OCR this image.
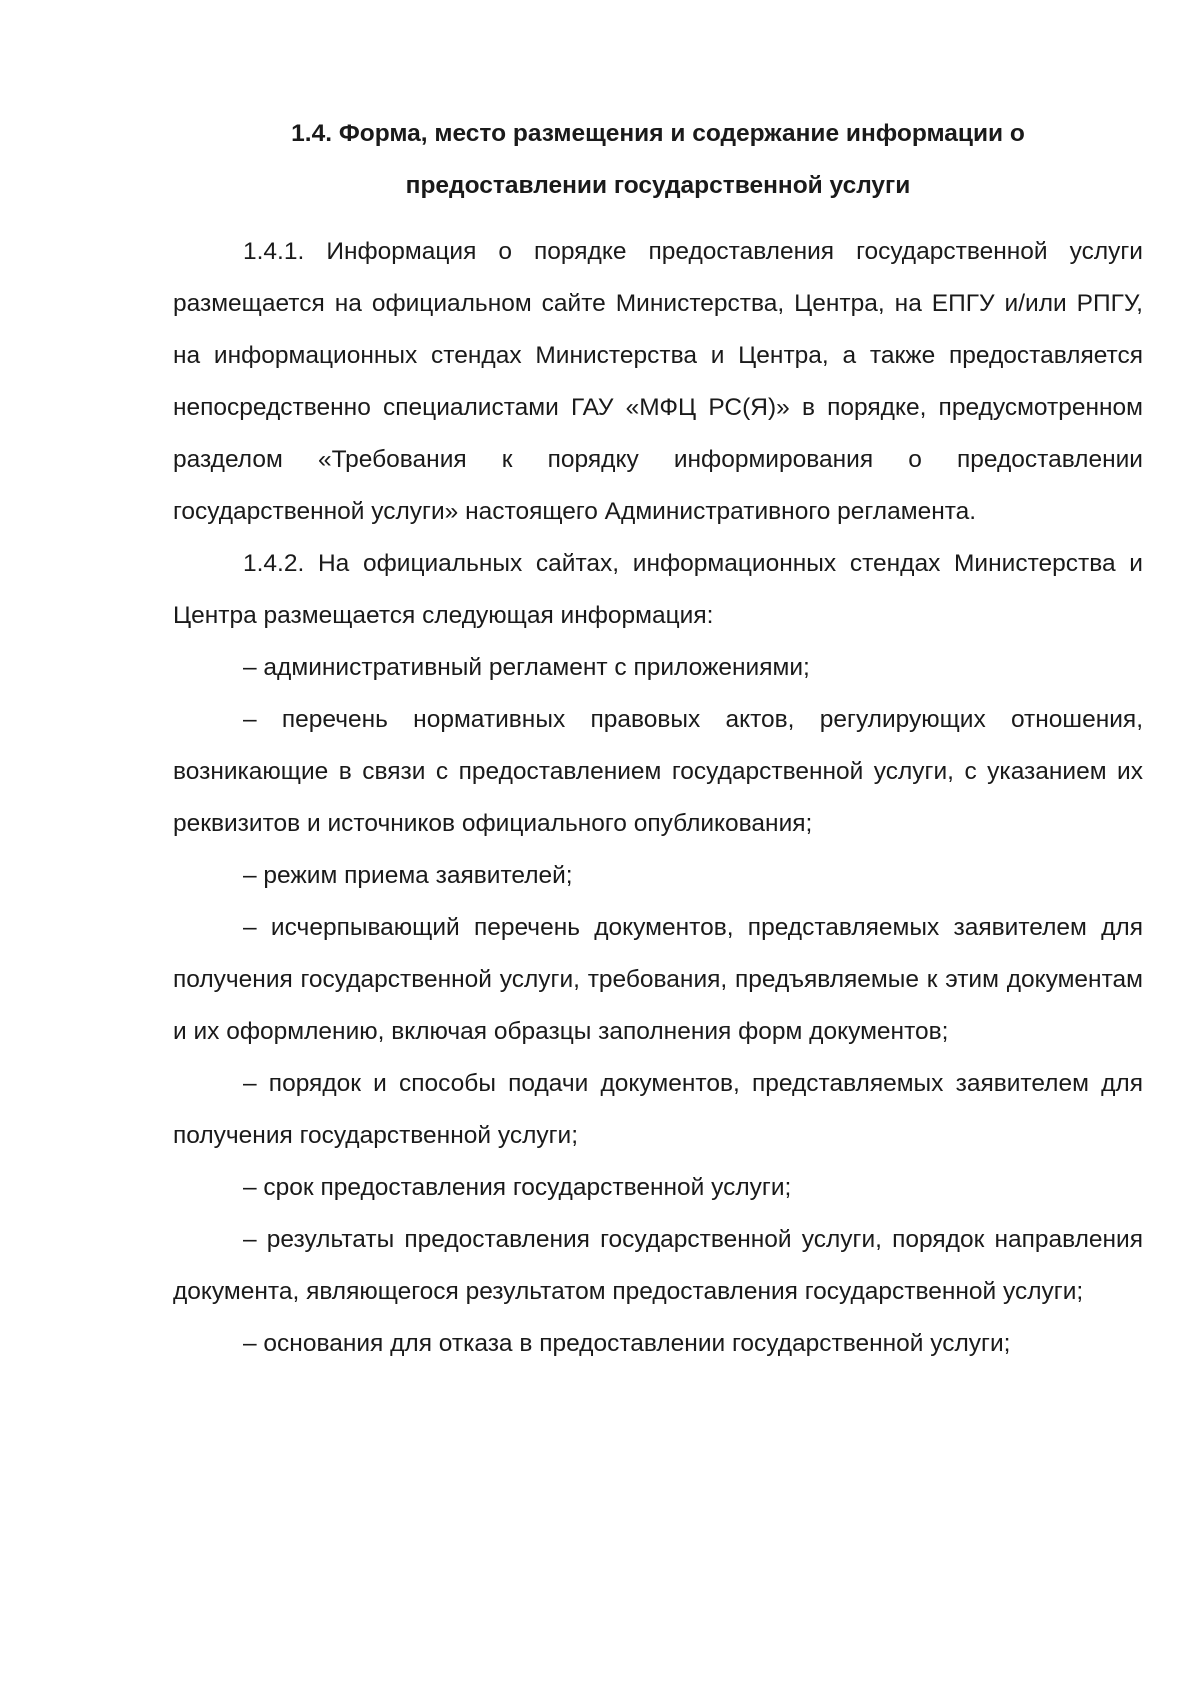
1.4. Форма, место размещения и содержание информации о
предоставлении государственной услуги

1.4.1. Информация о порядке предоставления государственной услуги размещается на официальном сайте Министерства, Центра, на ЕПГУ и/или РПГУ, на информационных стендах Министерства и Центра, а также предоставляется непосредственно специалистами ГАУ «МФЦ РС(Я)» в порядке, предусмотренном разделом «Требования к порядку информирования о предоставлении государственной услуги» настоящего Административного регламента.

1.4.2. На официальных сайтах, информационных стендах Министерства и Центра размещается следующая информация:

– административный регламент с приложениями;

– перечень нормативных правовых актов, регулирующих отношения, возникающие в связи с предоставлением государственной услуги, с указанием их реквизитов и источников официального опубликования;

– режим приема заявителей;

– исчерпывающий перечень документов, представляемых заявителем для получения государственной услуги, требования, предъявляемые к этим документам и их оформлению, включая образцы заполнения форм документов;

– порядок и способы подачи документов, представляемых заявителем для получения государственной услуги;

– срок предоставления государственной услуги;

– результаты предоставления государственной услуги, порядок направления документа, являющегося результатом предоставления государственной услуги;

– основания для отказа в предоставлении государственной услуги;
